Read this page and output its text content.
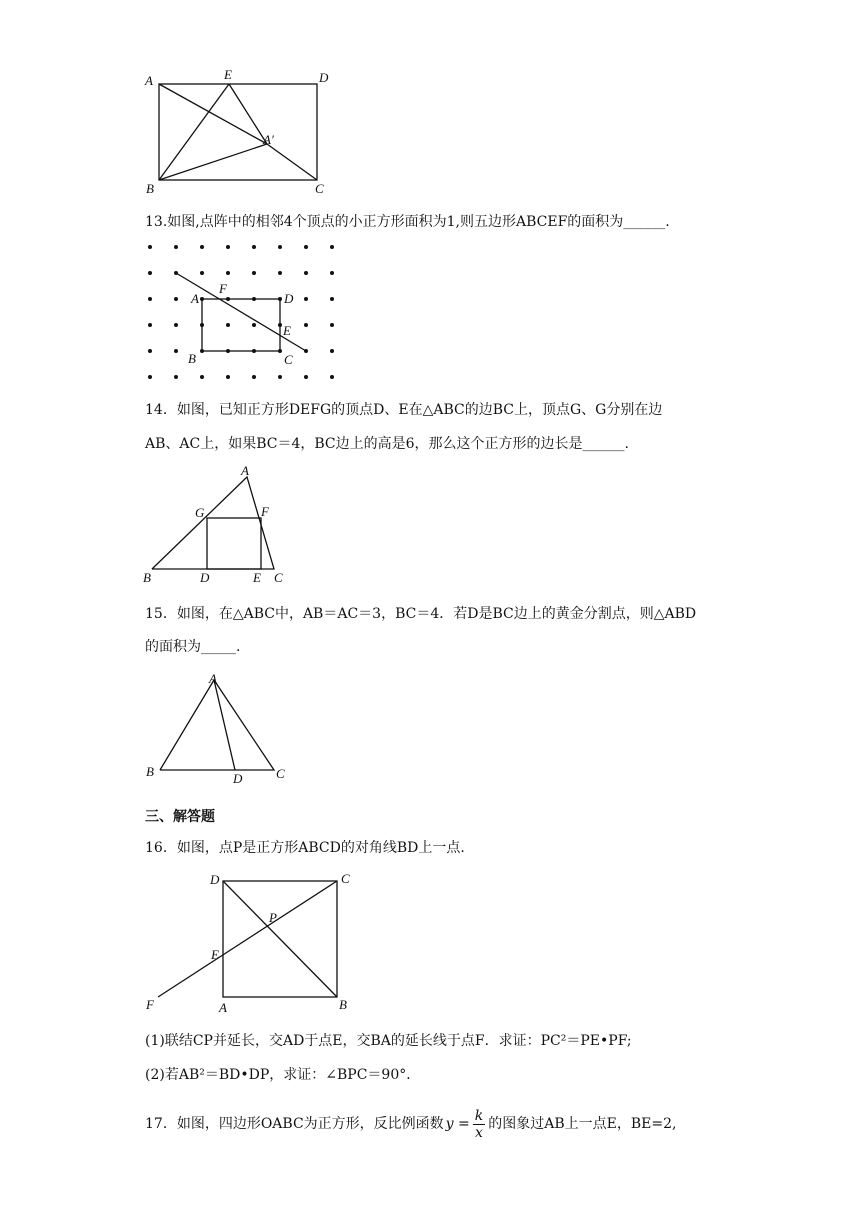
A	E	D
A′
B	C
13.如图,点阵中的相邻4个顶点的小正方形面积为1,则五边形ABCEF的面积为______.
A
F
D
E
B	C
14．如图，已知正方形DEFG的顶点D、E在△ABC的边BC上，顶点G、G分别在边
AB、AC上，如果BC＝4，BC边上的高是6，那么这个正方形的边长是______.
A
G	F
B	D	E C
15．如图，在△ABC中，AB＝AC＝3，BC＝4．若D是BC边上的黄金分割点，则△ABD
的面积为_____.
A
B	D	C
三、解答题
16．如图，点P是正方形ABCD的对角线BD上一点.
D	C
P
E
F	A	B
(1)联结CP并延长，交AD于点E，交BA的延长线于点F．求证：PC²＝PE•PF;
(2)若AB²＝BD•DP，求证：∠BPC＝90°．
17．如图，四边形OABC为正方形，反比例函数 y =
k
x
的图象过AB上一点E，BE=2,
